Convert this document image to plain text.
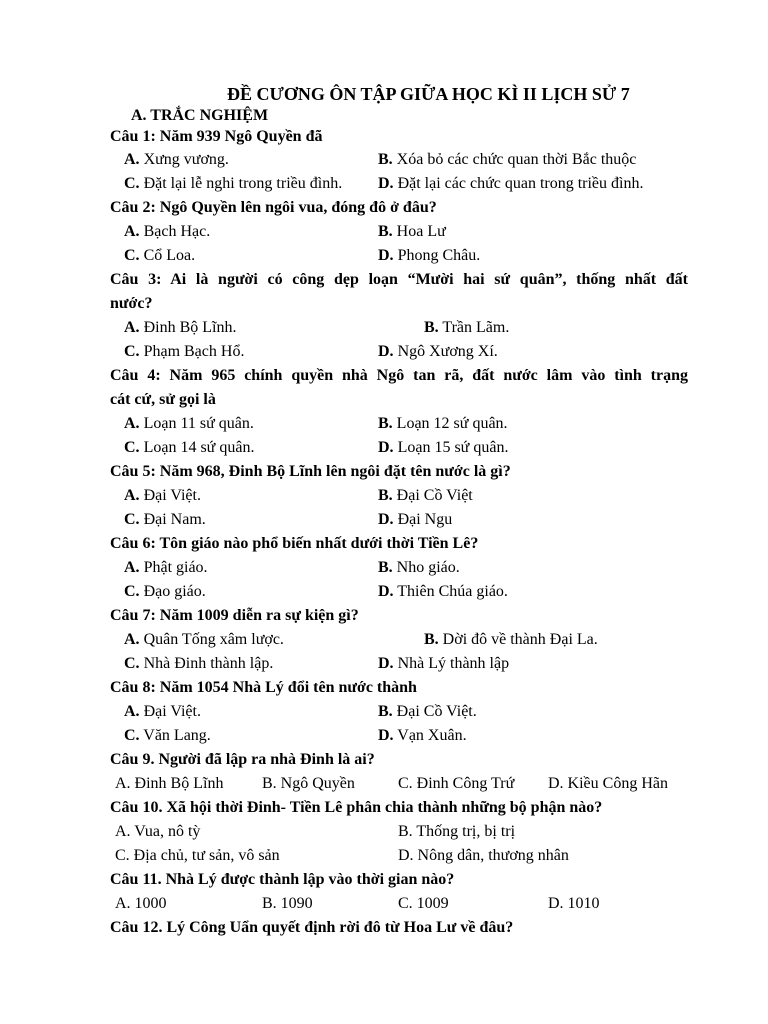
ĐỀ CƯƠNG ÔN TẬP GIỮA HỌC KÌ II LỊCH SỬ 7
A. TRẮC NGHIỆM
Câu 1: Năm 939 Ngô Quyền đã
A. Xưng vương.	B. Xóa bỏ các chức quan thời Bắc thuộc
C. Đặt lại lễ nghi trong triều đình. D. Đặt lại các chức quan trong triều đình.
Câu 2: Ngô Quyền lên ngôi vua, đóng đô ở đâu?
A. Bạch Hạc.	B. Hoa Lư
C. Cổ Loa.	D. Phong Châu.
Câu 3: Ai là người có công dẹp loạn “Mười hai sứ quân”, thống nhất đất
nước?
A. Đinh Bộ Lĩnh.	B. Trần Lãm.
C. Phạm Bạch Hổ.	D. Ngô Xương Xí.
Câu 4: Năm 965 chính quyền nhà Ngô tan rã, đất nước lâm vào tình trạng
cát cứ, sử gọi là
A. Loạn 11 sứ quân.	B. Loạn 12 sứ quân.
C. Loạn 14 sứ quân.	D. Loạn 15 sứ quân.
Câu 5: Năm 968, Đinh Bộ Lĩnh lên ngôi đặt tên nước là gì?
A. Đại Việt.	B. Đại Cồ Việt
C. Đại Nam.	D. Đại Ngu
Câu 6: Tôn giáo nào phổ biến nhất dưới thời Tiền Lê?
A. Phật giáo.	B. Nho giáo.
C. Đạo giáo.	D. Thiên Chúa giáo.
Câu 7: Năm 1009 diễn ra sự kiện gì?
A. Quân Tống xâm lược.	B. Dời đô về thành Đại La.
C. Nhà Đinh thành lập.	D. Nhà Lý thành lập
Câu 8: Năm 1054 Nhà Lý đổi tên nước thành
A. Đại Việt.	B. Đại Cồ Việt.
C. Văn Lang.	D. Vạn Xuân.
Câu 9. Người đã lập ra nhà Đinh là ai?
A. Đinh Bộ Lĩnh B. Ngô Quyền	C. Đinh Công Trứ D. Kiều Công Hãn
Câu 10. Xã hội thời Đinh- Tiền Lê phân chia thành những bộ phận nào?
A. Vua, nô tỳ	B. Thống trị, bị trị
C. Địa chủ, tư sản, vô sản	D. Nông dân, thương nhân
Câu 11. Nhà Lý được thành lập vào thời gian nào?
A. 1000	B. 1090	C. 1009	D. 1010
Câu 12. Lý Công Uẩn quyết định rời đô từ Hoa Lư về đâu?
